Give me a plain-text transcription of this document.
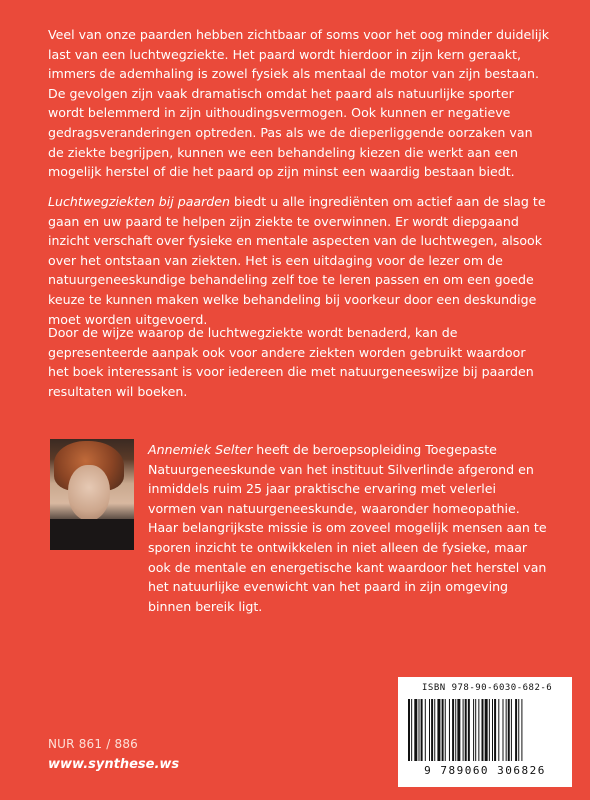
Veel van onze paarden hebben zichtbaar of soms voor het oog minder duidelijk last van een luchtwegziekte. Het paard wordt hierdoor in zijn kern geraakt, immers de ademhaling is zowel fysiek als mentaal de motor van zijn bestaan. De gevolgen zijn vaak dramatisch omdat het paard als natuurlijke sporter wordt belemmerd in zijn uithoudingsvermogen. Ook kunnen er negatieve gedragsveranderingen optreden. Pas als we de dieperliggende oorzaken van de ziekte begrijpen, kunnen we een behandeling kiezen die werkt aan een mogelijk herstel of die het paard op zijn minst een waardig bestaan biedt.

Luchtwegziekten bij paarden biedt u alle ingrediënten om actief aan de slag te gaan en uw paard te helpen zijn ziekte te overwinnen. Er wordt diepgaand inzicht verschaft over fysieke en mentale aspecten van de luchtwegen, alsook over het ontstaan van ziekten. Het is een uitdaging voor de lezer om de natuurgeneeskundige behandeling zelf toe te leren passen en om een goede keuze te kunnen maken welke behandeling bij voorkeur door een deskundige moet worden uitgevoerd.

Door de wijze waarop de luchtwegziekte wordt benaderd, kan de gepresenteerde aanpak ook voor andere ziekten worden gebruikt waardoor het boek interessant is voor iedereen die met natuurgeneeswijze bij paarden resultaten wil boeken.

Annemiek Selter heeft de beroepsopleiding Toegepaste Natuurgeneeskunde van het instituut Silverlinde afgerond en inmiddels ruim 25 jaar praktische ervaring met velerlei vormen van natuurgeneeskunde, waaronder homeopathie. Haar belangrijkste missie is om zoveel mogelijk mensen aan te sporen inzicht te ontwikkelen in niet alleen de fysieke, maar ook de mentale en energetische kant waardoor het herstel van het natuurlijke evenwicht van het paard in zijn omgeving binnen bereik ligt.

NUR 861 / 886
www.synthese.ws
ISBN 978-90-6030-682-6
9 789060 306826
